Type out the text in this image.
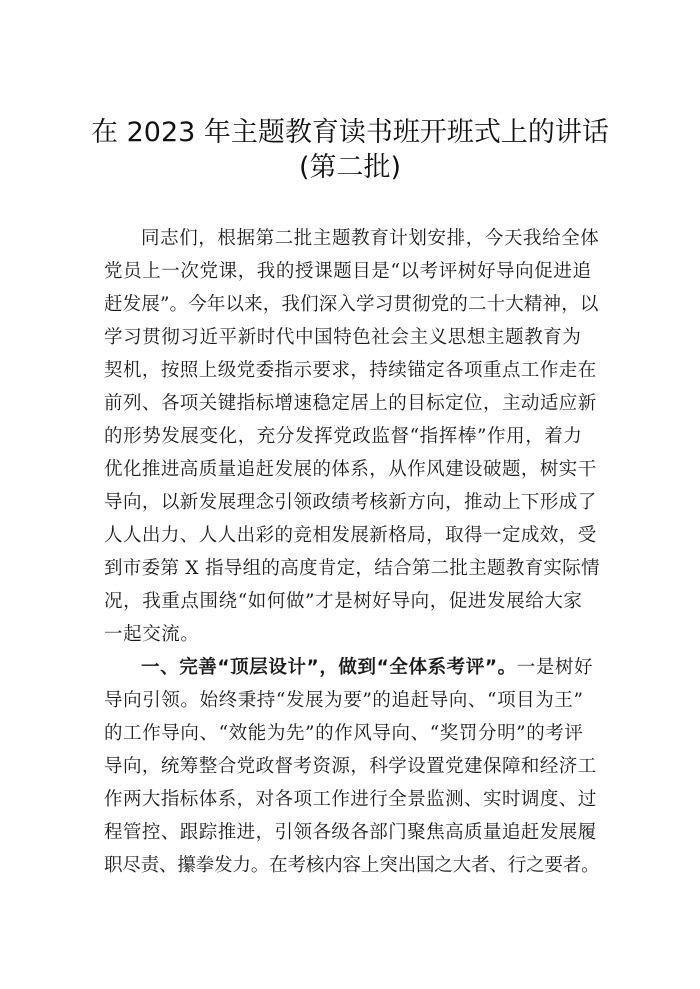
在 2023 年主题教育读书班开班式上的讲话
(第二批)
同志们，根据第二批主题教育计划安排，今天我给全体
党员上一次党课，我的授课题目是“以考评树好导向促进追
赶发展”。今年以来，我们深入学习贯彻党的二十大精神，以
学习贯彻习近平新时代中国特色社会主义思想主题教育为
契机，按照上级党委指示要求，持续锚定各项重点工作走在
前列、各项关键指标增速稳定居上的目标定位，主动适应新
的形势发展变化，充分发挥党政监督“指挥棒”作用，着力
优化推进高质量追赶发展的体系，从作风建设破题，树实干
导向，以新发展理念引领政绩考核新方向，推动上下形成了
人人出力、人人出彩的竞相发展新格局，取得一定成效，受
到市委第 X 指导组的高度肯定，结合第二批主题教育实际情
况，我重点围绕“如何做”才是树好导向，促进发展给大家
一起交流。
一、完善“顶层设计”，做到“全体系考评”。一是树好
导向引领。始终秉持“发展为要”的追赶导向、“项目为王”
的工作导向、“效能为先”的作风导向、“奖罚分明”的考评
导向，统筹整合党政督考资源，科学设置党建保障和经济工
作两大指标体系，对各项工作进行全景监测、实时调度、过
程管控、跟踪推进，引领各级各部门聚焦高质量追赶发展履
职尽责、攥拳发力。在考核内容上突出国之大者、行之要者。
